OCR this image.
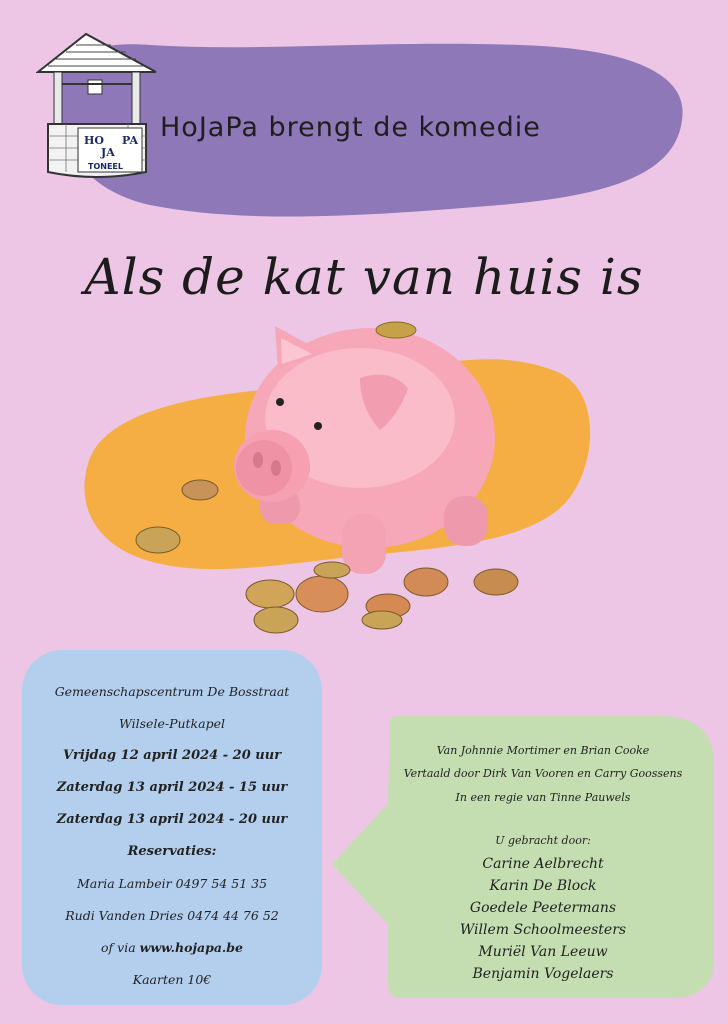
HO PA
JA
TONEEL
HoJaPa brengt de komedie
Als de kat van huis is
Gemeenschapscentrum De Bosstraat
Wilsele-Putkapel
Vrijdag 12 april 2024 - 20 uur
Zaterdag 13 april 2024 - 15 uur
Zaterdag 13 april 2024 - 20 uur
Reservaties:
Maria Lambeir 0497 54 51 35
Rudi Vanden Dries 0474 44 76 52
of via www.hojapa.be
Kaarten 10€
Van Johnnie Mortimer en Brian Cooke
Vertaald door Dirk Van Vooren en Carry Goossens
In een regie van Tinne Pauwels
U gebracht door:
Carine Aelbrecht
Karin De Block
Goedele Peetermans
Willem Schoolmeesters
Muriël Van Leeuw
Benjamin Vogelaers
